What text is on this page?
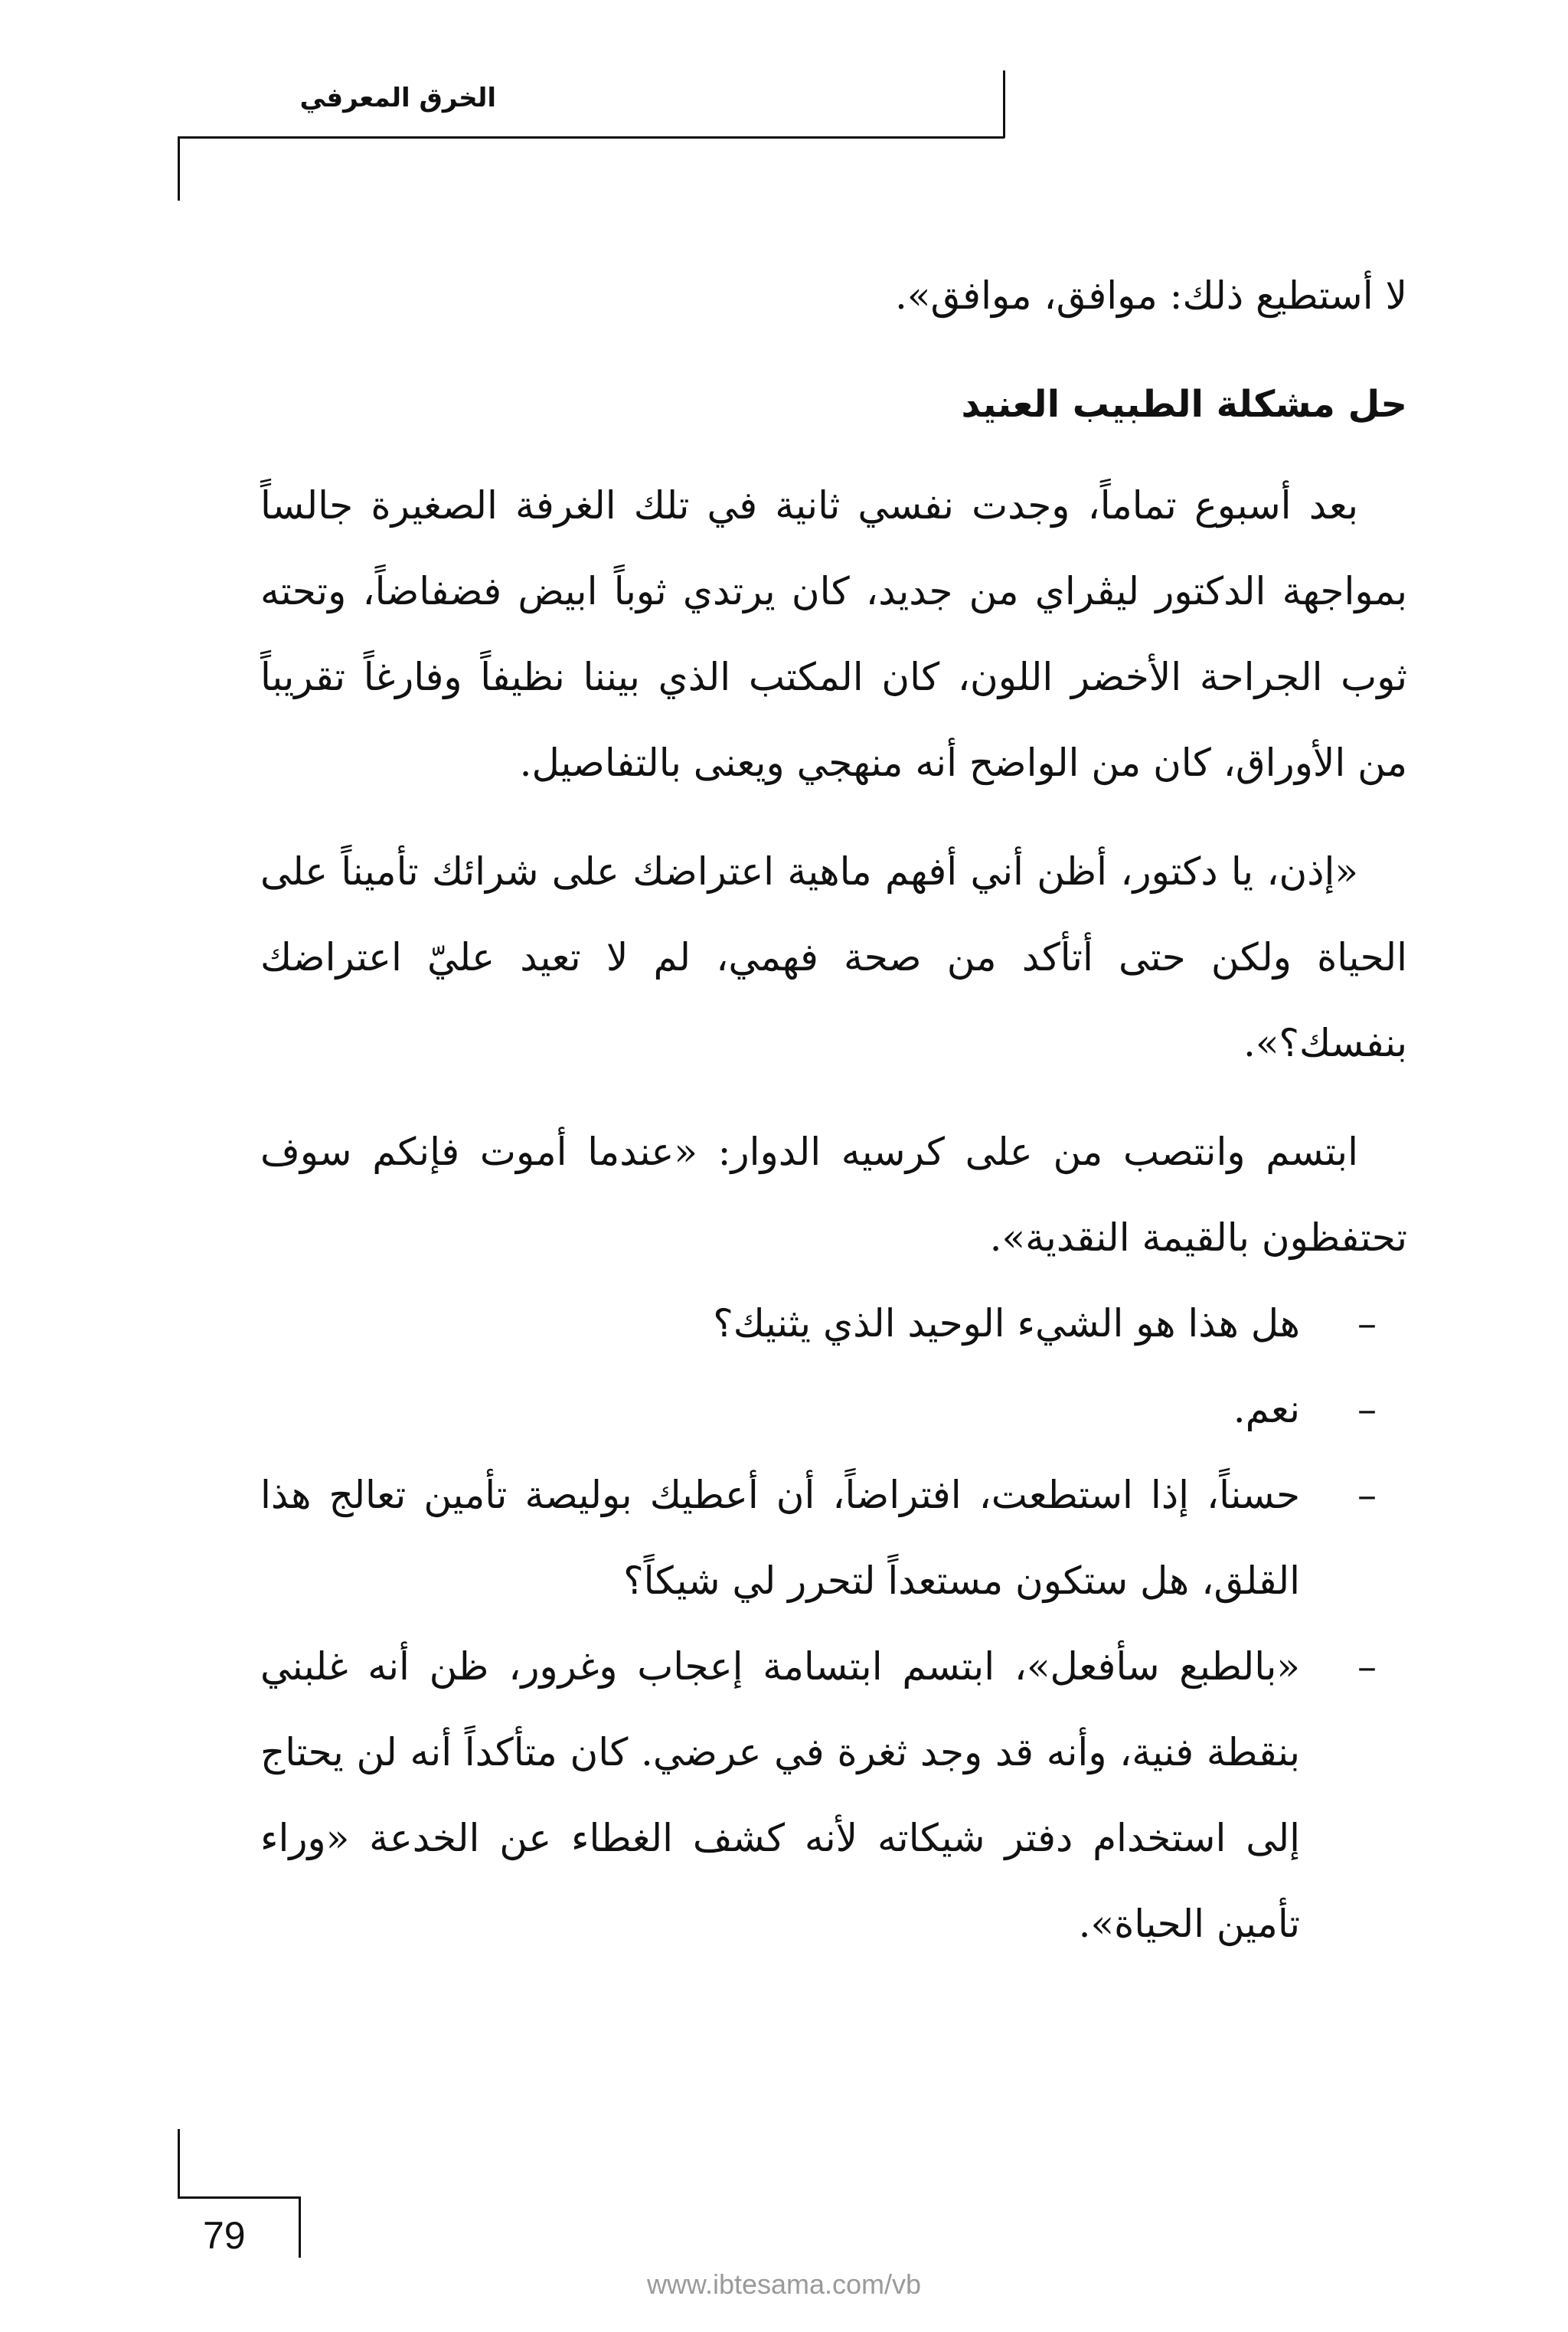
الخرق المعرفي

لا أستطيع ذلك: موافق، موافق».

حل مشكلة الطبيب العنيد

بعد أسبوع تماماً، وجدت نفسي ثانية في تلك الغرفة الصغيرة جالساً بمواجهة الدكتور ليڤراي من جديد، كان يرتدي ثوباً ابيض فضفاضاً، وتحته ثوب الجراحة الأخضر اللون، كان المكتب الذي بيننا نظيفاً وفارغاً تقريباً من الأوراق، كان من الواضح أنه منهجي ويعنى بالتفاصيل.

«إذن، يا دكتور، أظن أني أفهم ماهية اعتراضك على شرائك تأميناً على الحياة ولكن حتى أتأكد من صحة فهمي، لم لا تعيد عليّ اعتراضك بنفسك؟».

ابتسم وانتصب من على كرسيه الدوار: «عندما أموت فإنكم سوف تحتفظون بالقيمة النقدية».

–
هل هذا هو الشيء الوحيد الذي يثنيك؟
–
نعم.
–
حسناً، إذا استطعت، افتراضاً، أن أعطيك بوليصة تأمين تعالج هذا القلق، هل ستكون مستعداً لتحرر لي شيكاً؟
–
«بالطبع سأفعل»، ابتسم ابتسامة إعجاب وغرور، ظن أنه غلبني بنقطة فنية، وأنه قد وجد ثغرة في عرضي. كان متأكداً أنه لن يحتاج إلى استخدام دفتر شيكاته لأنه كشف الغطاء عن الخدعة «وراء تأمين الحياة».
79
www.ibtesama.com/vb
